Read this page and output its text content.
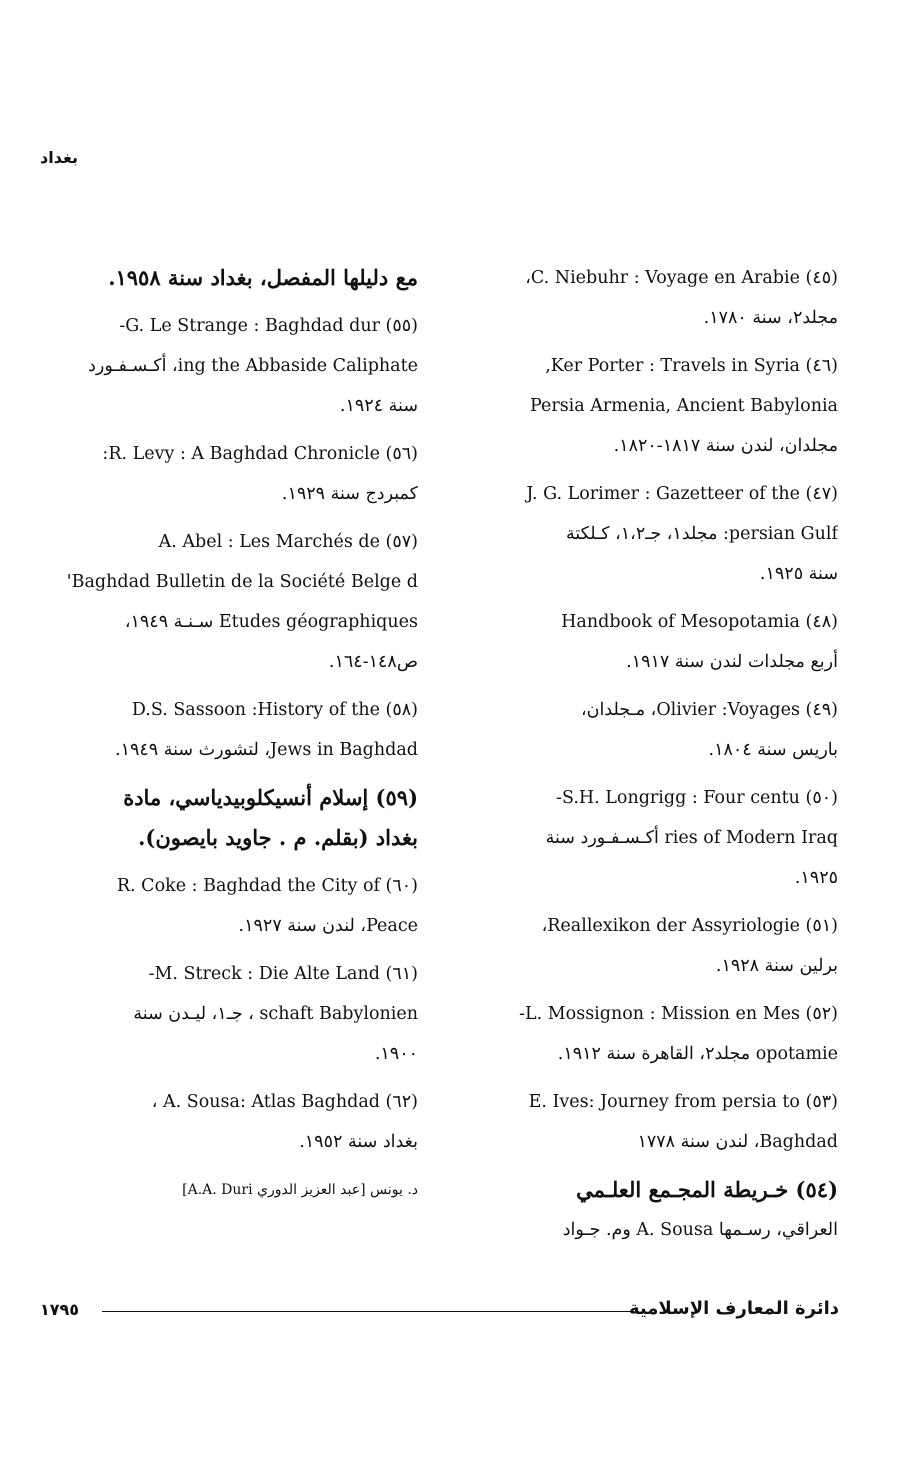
بغداد
(٤٥) C. Niebuhr : Voyage en Arabie،
مجلد٢، سنة ١٧٨٠.
(٤٦) Ker Porter : Travels in Syria,
Persia Armenia, Ancient Babylonia
مجلدان، لندن سنة ١٨١٧-١٨٢٠.
(٤٧) J. G. Lorimer : Gazetteer of the
persian Gulf: مجلد١، جـ١،٢، كـلكتة
سنة ١٩٢٥.
(٤٨) Handbook of Mesopotamia
أربع مجلدات لندن سنة ١٩١٧.
(٤٩) Olivier :Voyages، مـجلدان،
باريس سنة ١٨٠٤.
(٥٠) S.H. Longrigg : Four centu-
ries of Modern Iraq أكـسـفـورد سنة
١٩٢٥.
(٥١) Reallexikon der Assyriologie،
برلين سنة ١٩٢٨.
(٥٢) L. Mossignon : Mission en Mes-
opotamie مجلد٢، القاهرة سنة ١٩١٢.
(٥٣) E. Ives: Journey from persia to
Baghdad، لندن سنة ١٧٧٨
(٥٤) خـريطة المجـمع العلـمي
العراقي، رسـمها A. Sousa وم. جـواد
مع دليلها المفصل، بغداد سنة ١٩٥٨.
(٥٥) G. Le Strange : Baghdad dur-
ing the Abbaside Caliphate، أكـسـفـورد
سنة ١٩٢٤.
(٥٦) R. Levy : A Baghdad Chronicle:
كمبردج سنة ١٩٢٩.
(٥٧) A. Abel : Les Marchés de
Baghdad Bulletin de la Société Belge d'
Etudes géographiques سـنـة ١٩٤٩،
ص١٤٨-١٦٤.
(٥٨) D.S. Sassoon :History of the
Jews in Baghdad، لتشورث سنة ١٩٤٩.
(٥٩) إسلام أنسيكلوبيدياسي، مادة
بغداد (بقلم. م . جاويد بايصون).
(٦٠) R. Coke : Baghdad the City of
Peace، لندن سنة ١٩٢٧.
(٦١) M. Streck : Die Alte Land-
schaft Babylonien ، جـ١، ليـدن سنة
١٩٠٠.
(٦٢) A. Sousa: Atlas Baghdad ،
بغداد سنة ١٩٥٢.
د. يونس [عبد العزيز الدوري A.A. Duri]
دائرة المعارف الإسلامية
١٧٩٥
